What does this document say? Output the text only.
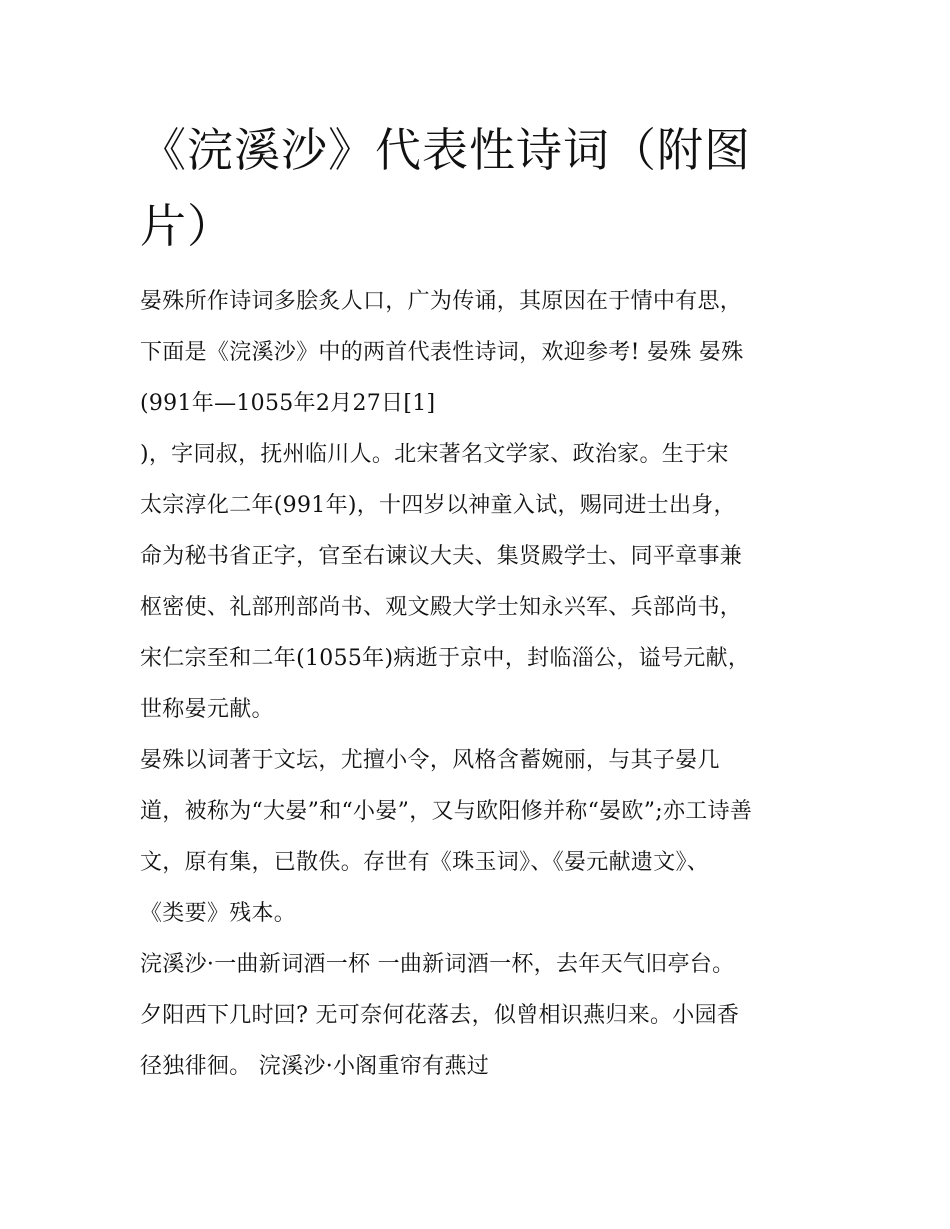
《浣溪沙》代表性诗词（附图
片）

晏殊所作诗词多脍炙人口，广为传诵，其原因在于情中有思，
下面是《浣溪沙》中的两首代表性诗词，欢迎参考! 晏殊 晏殊
(991年—1055年2月27日[1]
)，字同叔，抚州临川人。北宋著名文学家、政治家。生于宋
太宗淳化二年(991年)，十四岁以神童入试，赐同进士出身，
命为秘书省正字，官至右谏议大夫、集贤殿学士、同平章事兼
枢密使、礼部刑部尚书、观文殿大学士知永兴军、兵部尚书，
宋仁宗至和二年(1055年)病逝于京中，封临淄公，谥号元献，
世称晏元献。

晏殊以词著于文坛，尤擅小令，风格含蓄婉丽，与其子晏几
道，被称为“大晏”和“小晏”，又与欧阳修并称“晏欧”;亦工诗善
文，原有集，已散佚。存世有《珠玉词》、《晏元献遗文》、
《类要》残本。

浣溪沙·一曲新词酒一杯 一曲新词酒一杯，去年天气旧亭台。
夕阳西下几时回? 无可奈何花落去，似曾相识燕归来。小园香
径独徘徊。 浣溪沙·小阁重帘有燕过
